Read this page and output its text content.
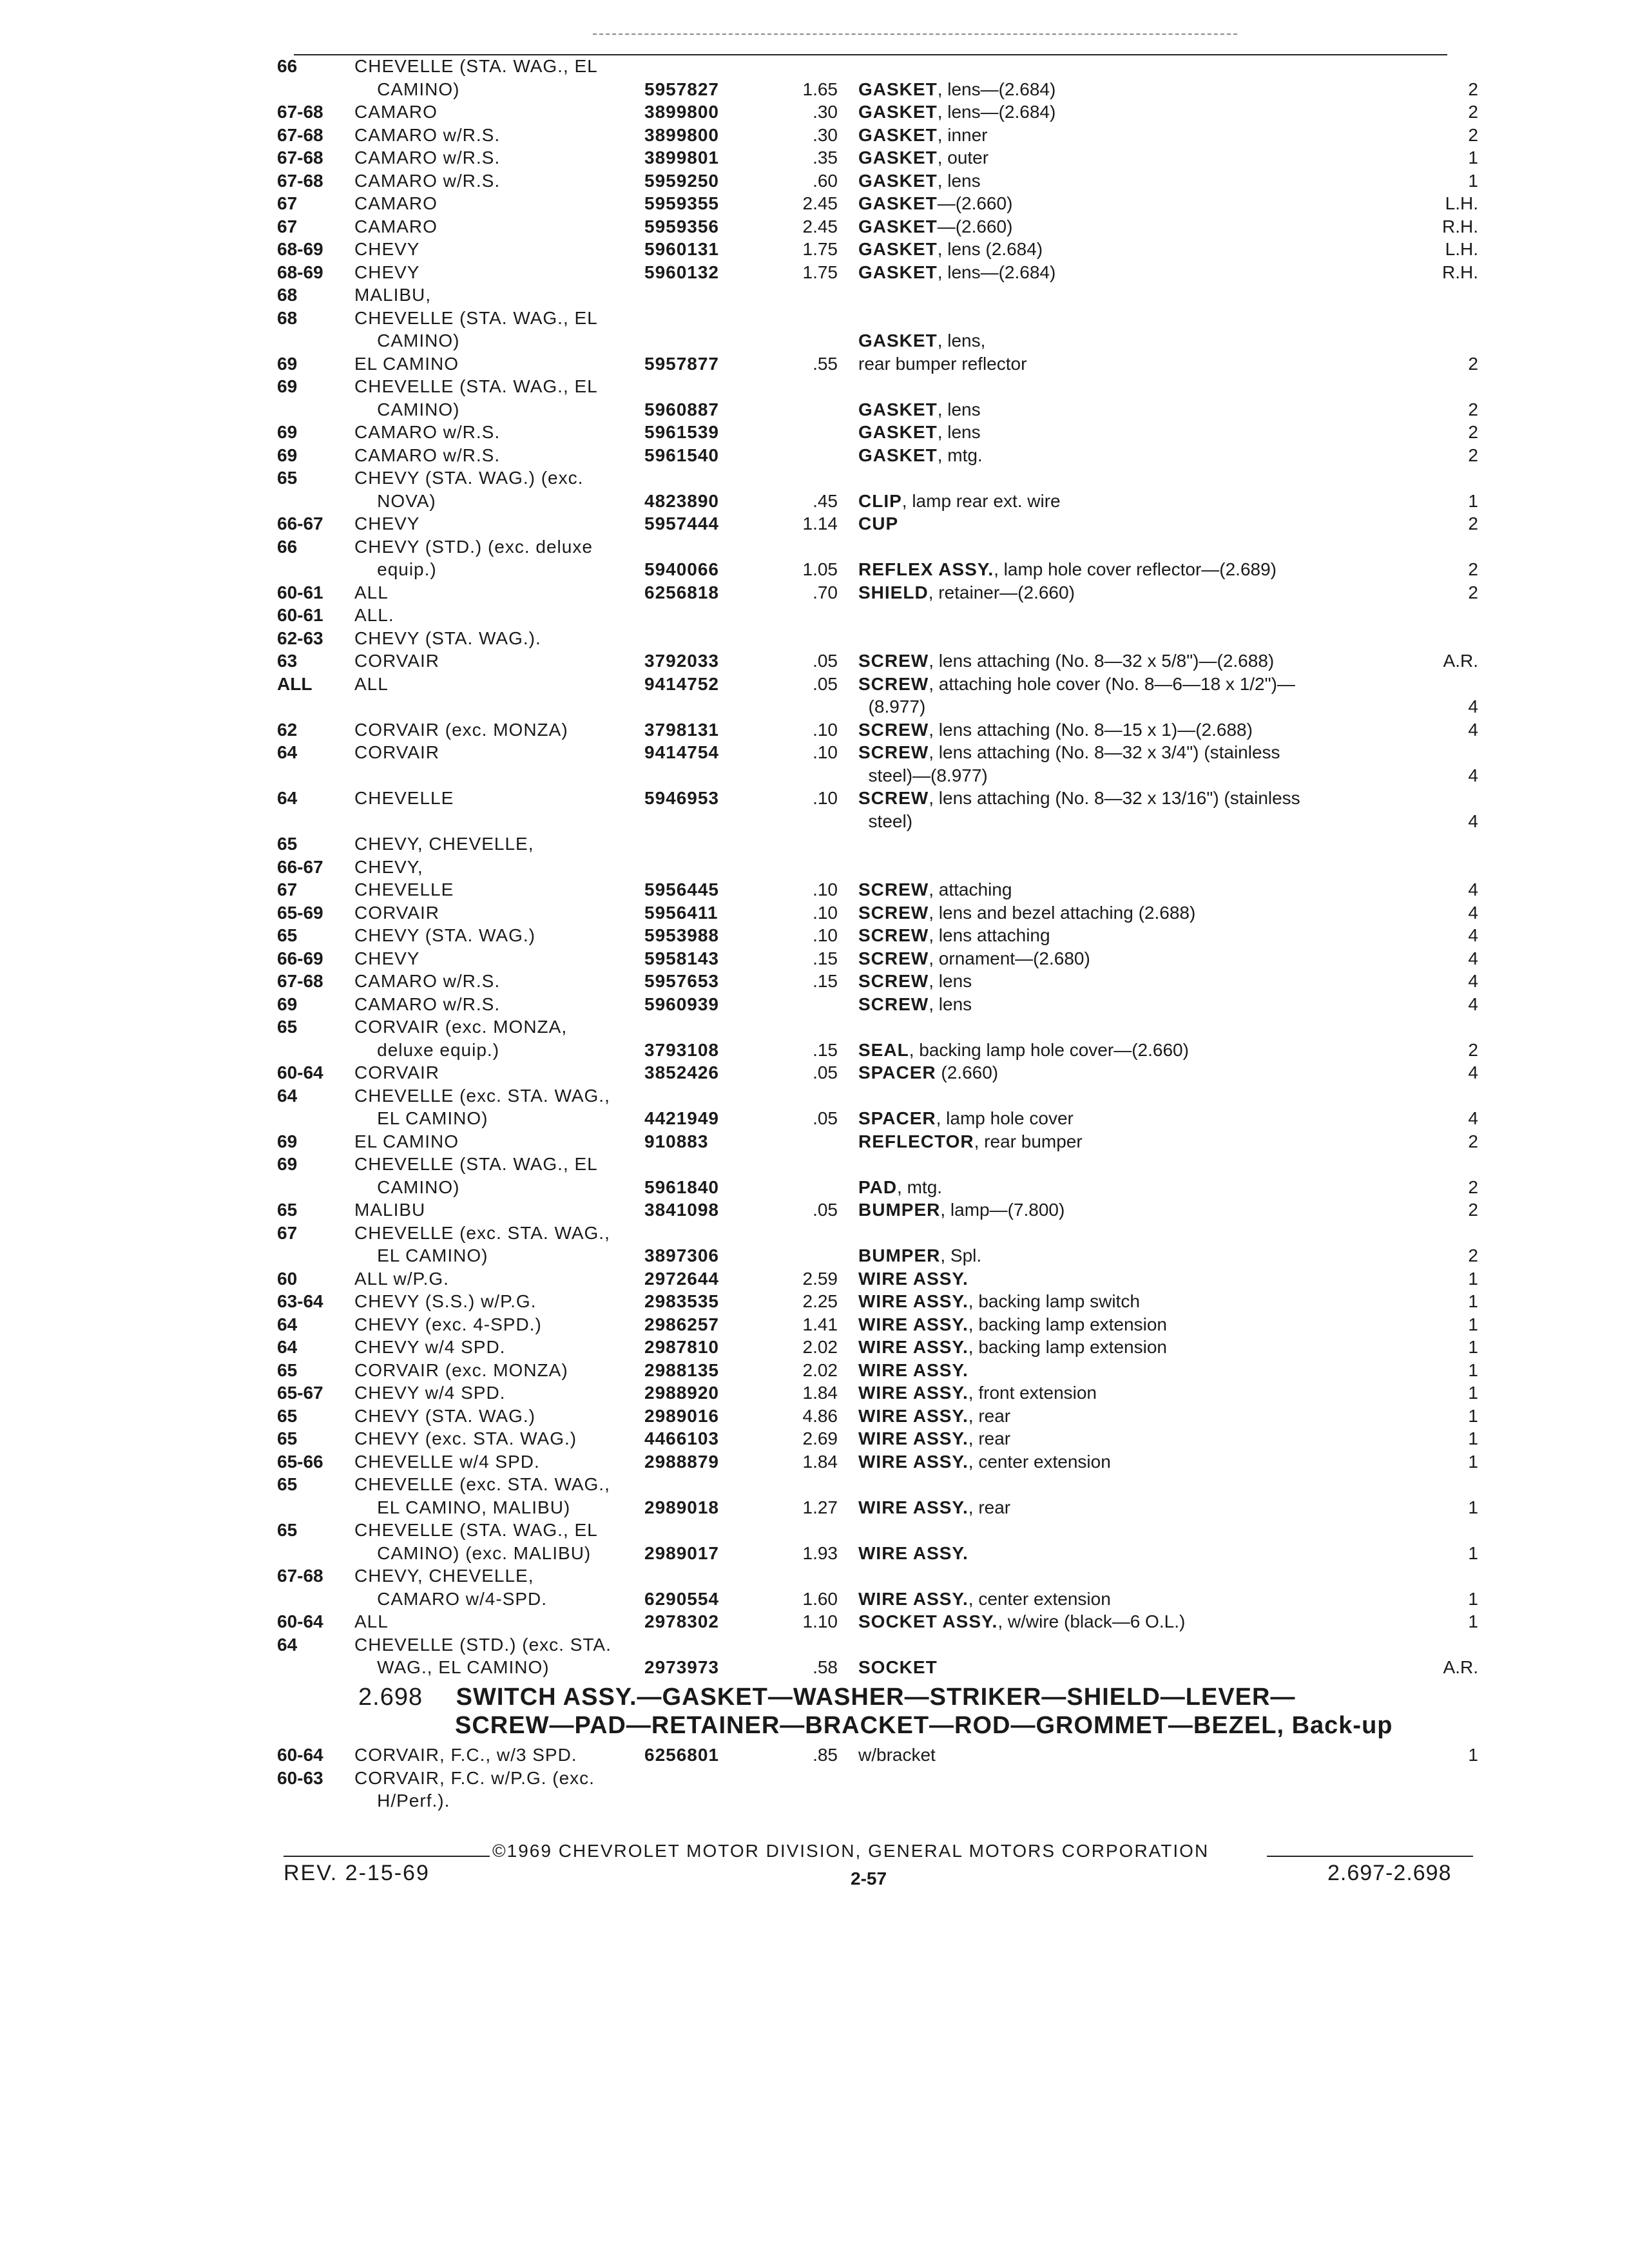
66	CHEVELLE (STA. WAG., EL
CAMINO)	5957827	1.65 GASKET, lens—(2.684)	2
67-68	CAMARO	3899800	.30 GASKET, lens—(2.684)	2
67-68	CAMARO w/R.S.	3899800	.30 GASKET, inner	2
67-68	CAMARO w/R.S.	3899801	.35 GASKET, outer	1
67-68	CAMARO w/R.S.	5959250	.60 GASKET, lens	1
67	CAMARO	5959355	2.45 GASKET—(2.660)	L.H.
67	CAMARO	5959356	2.45 GASKET—(2.660)	R.H.
68-69	CHEVY	5960131	1.75 GASKET, lens (2.684)	L.H.
68-69	CHEVY	5960132	1.75 GASKET, lens—(2.684)	R.H.
68	MALIBU,
68	CHEVELLE (STA. WAG., EL
CAMINO)	GASKET, lens,
69	EL CAMINO	5957877	.55 rear bumper reflector	2
69	CHEVELLE (STA. WAG., EL
CAMINO)	5960887	GASKET, lens	2
69	CAMARO w/R.S.	5961539	GASKET, lens	2
69	CAMARO w/R.S.	5961540	GASKET, mtg.	2
65	CHEVY (STA. WAG.) (exc.
NOVA)	4823890	.45 CLIP, lamp rear ext. wire	1
66-67	CHEVY	5957444	1.14 CUP	2
66	CHEVY (STD.) (exc. deluxe
equip.)	5940066	1.05 REFLEX ASSY., lamp hole cover reflector—(2.689)	2
60-61	ALL	6256818	.70 SHIELD, retainer—(2.660)	2
60-61	ALL.
62-63	CHEVY (STA. WAG.).
63	CORVAIR	3792033	.05 SCREW, lens attaching (No. 8—32 x 5/8")—(2.688)	A.R.
ALL	ALL	9414752	.05 SCREW, attaching hole cover (No. 8—6—18 x 1/2")—
(8.977)	4
62	CORVAIR (exc. MONZA)	3798131	.10 SCREW, lens attaching (No. 8—15 x 1)—(2.688)	4
64	CORVAIR	9414754	.10 SCREW, lens attaching (No. 8—32 x 3/4") (stainless
steel)—(8.977)	4
64	CHEVELLE	5946953	.10 SCREW, lens attaching (No. 8—32 x 13/16") (stainless
steel)	4
65	CHEVY, CHEVELLE,
66-67	CHEVY,
67	CHEVELLE	5956445	.10 SCREW, attaching	4
65-69	CORVAIR	5956411	.10 SCREW, lens and bezel attaching (2.688)	4
65	CHEVY (STA. WAG.)	5953988	.10 SCREW, lens attaching	4
66-69	CHEVY	5958143	.15 SCREW, ornament—(2.680)	4
67-68	CAMARO w/R.S.	5957653	.15 SCREW, lens	4
69	CAMARO w/R.S.	5960939	SCREW, lens	4
65	CORVAIR (exc. MONZA,
deluxe equip.)	3793108	.15 SEAL, backing lamp hole cover—(2.660)	2
60-64	CORVAIR	3852426	.05 SPACER (2.660)	4
64	CHEVELLE (exc. STA. WAG.,
EL CAMINO)	4421949	.05 SPACER, lamp hole cover	4
69	EL CAMINO	910883	REFLECTOR, rear bumper	2
69	CHEVELLE (STA. WAG., EL
CAMINO)	5961840	PAD, mtg.	2
65	MALIBU	3841098	.05 BUMPER, lamp—(7.800)	2
67	CHEVELLE (exc. STA. WAG.,
EL CAMINO)	3897306	BUMPER, Spl.	2
60	ALL w/P.G.	2972644	2.59 WIRE ASSY.	1
63-64	CHEVY (S.S.) w/P.G.	2983535	2.25 WIRE ASSY., backing lamp switch	1
64	CHEVY (exc. 4-SPD.)	2986257	1.41 WIRE ASSY., backing lamp extension	1
64	CHEVY w/4 SPD.	2987810	2.02 WIRE ASSY., backing lamp extension	1
65	CORVAIR (exc. MONZA)	2988135	2.02 WIRE ASSY.	1
65-67	CHEVY w/4 SPD.	2988920	1.84 WIRE ASSY., front extension	1
65	CHEVY (STA. WAG.)	2989016	4.86 WIRE ASSY., rear	1
65	CHEVY (exc. STA. WAG.)	4466103	2.69 WIRE ASSY., rear	1
65-66	CHEVELLE w/4 SPD.	2988879	1.84 WIRE ASSY., center extension	1
65	CHEVELLE (exc. STA. WAG.,
EL CAMINO, MALIBU)	2989018	1.27 WIRE ASSY., rear	1
65	CHEVELLE (STA. WAG., EL
CAMINO) (exc. MALIBU)	2989017	1.93 WIRE ASSY.	1
67-68	CHEVY, CHEVELLE,
CAMARO w/4-SPD.	6290554	1.60 WIRE ASSY., center extension	1
60-64	ALL	2978302	1.10 SOCKET ASSY., w/wire (black—6 O.L.)	1
64	CHEVELLE (STD.) (exc. STA.
WAG., EL CAMINO)	2973973	.58 SOCKET	A.R.
2.698 SWITCH ASSY.—GASKET—WASHER—STRIKER—SHIELD—LEVER—
SCREW—PAD—RETAINER—BRACKET—ROD—GROMMET—BEZEL, Back-up
60-64	CORVAIR, F.C., w/3 SPD.	6256801	.85 w/bracket	1
60-63	CORVAIR, F.C. w/P.G. (exc.
H/Perf.).
©1969 CHEVROLET MOTOR DIVISION, GENERAL MOTORS CORPORATION
REV. 2-15-69	2-57	2.697-2.698
